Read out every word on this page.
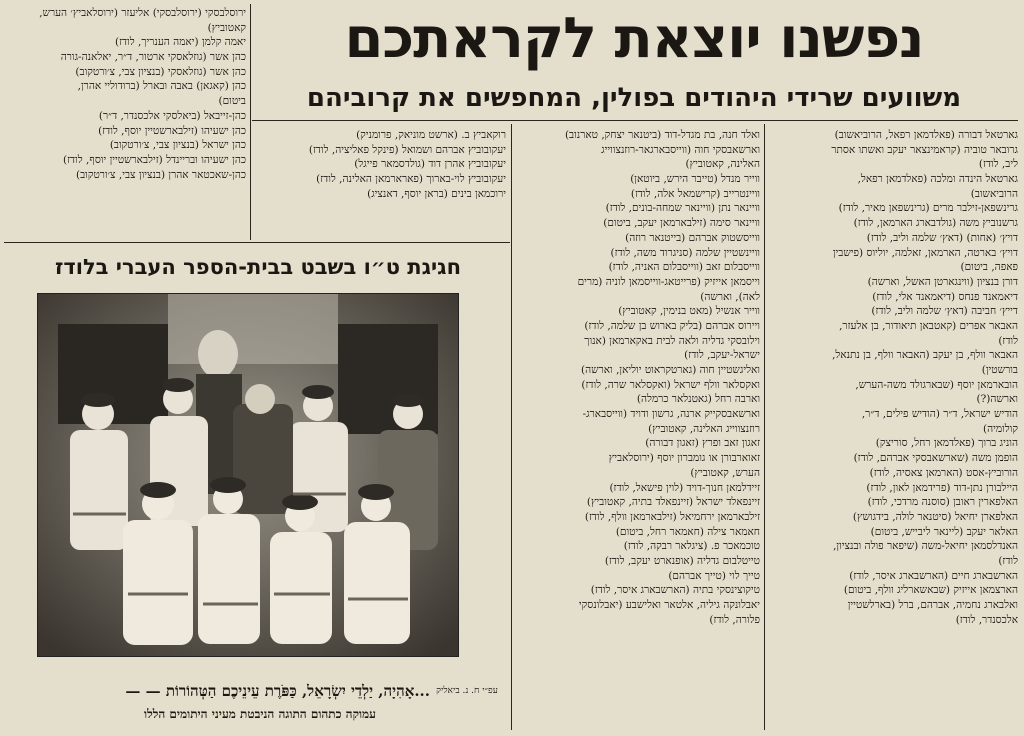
נפשנו יוצאת לקראתכם
משוועים שרידי היהודים בפולין, המחפשים את קרוביהם
ירוסלבסקי (ירוסלבסקי) אליעזר (ירוסלאביץ׳ הערש,
קאטוביץ)
יאמה קלמן (יאמה הענריך, לודז)
כהן אשר (גוזלאסקי ארטור, ד״ר, יאלאנה-גורה
כהן אשר (גוזלאסקי (בנציון צבי, צ׳ורטקוב)
כהן (קאגאן) באבה ובארל (ברודוליי אהרן,
ביטום)
כהן-זייבאל (ביאלסקי אלכסנדר, ד״ר)
כהן ישעיהו (זילבארשטיין יוסף, לודז)
כהן ישראל (בנציון צבי, צ׳ורטקוב)
כהן ישעיהו ובריינדל (זילבארשטיין יוסף, לודז)
כהן-שאכטאר אהרן (בנציון צבי, צ׳ורטקוב)
רוקאביץ ב. (ארשט מוניאק, פרומניק)
יעקובוביץ אברהם ושמואל (פינקל פאליציה, לודז)
יעקובוביץ אהרן דוד (גולדסמאר פייגל)
יעקובוביץ לוי-בארוך (פארארמאן האלינה, לודז)
ירוכמאן בינים (בראן יוסף, דאנציג)
חגיגת ט״ו בשבט בבית-הספר העברי בלודז
...אָהִיָה, יַלְדֵי יִשְׂרָאֵל, כַּפֹּרֶת עֵינֵיכֶם הַטְּהוֹרוֹת — — עפ״י ח. נ. ביאליק
עמוקה כתהום התוגה הניבטת מעיני היתומים הללו
ואלד חנה, בת מגדל-דוד (ביטנאר יצחק, טארנוב)
וארשאבסקי חוה (ווייסבארגאר-רוזנצווייג
האלינה, קאטוביץ)
ווייר מנדל (טייבר הירש, ביוטאן)
וויינטרייב (קרישמאל אלה, לודז)
וויינאר נתן (וויינאר שמחה-בונים, לודז)
וויינאר סימה (זילבארמאן יעקב, ביטום)
ווייסשטוק אברהם (בייטנאר רוזה)
וויינשטיין שלמה (סניגרוד משה, לודז)
ווייסבלום זאב (ווייסבלום האניה, לודז)
וייסמאן אייזיק (פרייטאג-ווייסמאן לוניה (מרים
לאה), וארשה)
ווייר אנשיל (מאט בנימין, קאטוביץ)
ויירוס אברהם (בליק בארוש בן שלמה, לודז)
וילובסקי גדליה ולאה לבית באקארמאן (אנוך
ישראל-יעקב, לודז)
ואליגשטיין חוה (גארטקראוט יוליאן, וארשה)
ואקסלאר וולף ישראל (ואקסלאר שרה, לודז)
וארבה רחל (גאטנלאר כרמלה)
וארשאבסקייק ארנה, גרשון ודויד (ווייסבארג-
רוזנצווייג האלינה, קאטוביץ)
זאגון זאב ופרץ (זאגון דבורה)
זאוארבורן או גומברון יוסף (ירוסלאביץ
הערש, קאטוביץ)
זיידלמאן חנוך-דויד (לוין פישאל, לודז)
זיינפאלד ישראל (זיינפאלד בתיה, קאטוביץ)
זילבארמאן ירחמיאל (זילבארמאן וולף, לודז)
חאמאר צילה (חאמאר רחל, ביטום)
טוכמאכר פ. (ציגלאר רבקה, לודז)
טייטלבום גדליה (אופנארט יעקב, לודז)
טייך לוי (טייך אברהם)
טיקוצינסקי בתיה (הארשבארג איסר, לודז)
יאבלונקה גיליה, אלטאר ואלישבע (יאבלונסקי
פלורה, לודז)
גארטאל דבורה (פאלדמאן רפאל, הרוביאשוב)
גרובאר טוביה (קראמינצאר יעקב ואשתו אסתר
ליב, לודז)
גארטאל הינדה ומלכה (פאלדמאן רפאל,
הרוביאשוב)
גרינשפאן-זילבר מרים (גרינשפאן מאיר, לודז)
גרשנוביץ משה (גולדבארג הארמאן, לודז)
דויץ׳ (אחות) (דאץ׳ שלמה וליב, לודז)
דויץ׳ בארטה, הארמאן, זאלמה, יוליוס (פישבין
פאפה, ביטום)
דורן בנציון (ווינגארטן האשל, וארשה)
דיאמאנד פנחס (דיאמאנד אלי, לודז)
דייץ׳ חביבה (דאץ׳ שלמה וליב, לודז)
האבאר אפרים (קאטבאן תיאודור, בן אלעזר,
לודז)
האבאר וולף, בן יעקב (האבאר וולף, בן נתנאל,
בורשטין)
הובארמאן יוסף (שבארגולד משה-הערש,
וארשה(?)
הודיש ישראל, ד״ר (הודיש פילים, ד״ר,
קולומיה)
הוניג ברוך (פאלדמאן רחל, סוריצק)
הופמן משה (שארשאבסקי אברהם, לודז)
הורוביץ-אסט (הארמאן צאסיה, לודז)
היילבורן נתן-דוד (פרידמאן לאון, לודז)
האלפארין ראובן (סוסנה מרדכי, לודז)
האלפארן יחיאל (סיטנאר לולה, בידגושץ)
האלאר יעקב (ליינאר ליבייש, ביטום)
האנדלסמאן יחיאל-משה (שיפאר פולה ובנציון,
לודז)
הארשבארג חיים (הארשבארג איסר, לודז)
הארצמאן אייזיק (שבאשארליג וולף, ביטום)
ואלבארג נחמיה, אברהם, ברל (בארלשטיין
אלכסנדר, לודז)
